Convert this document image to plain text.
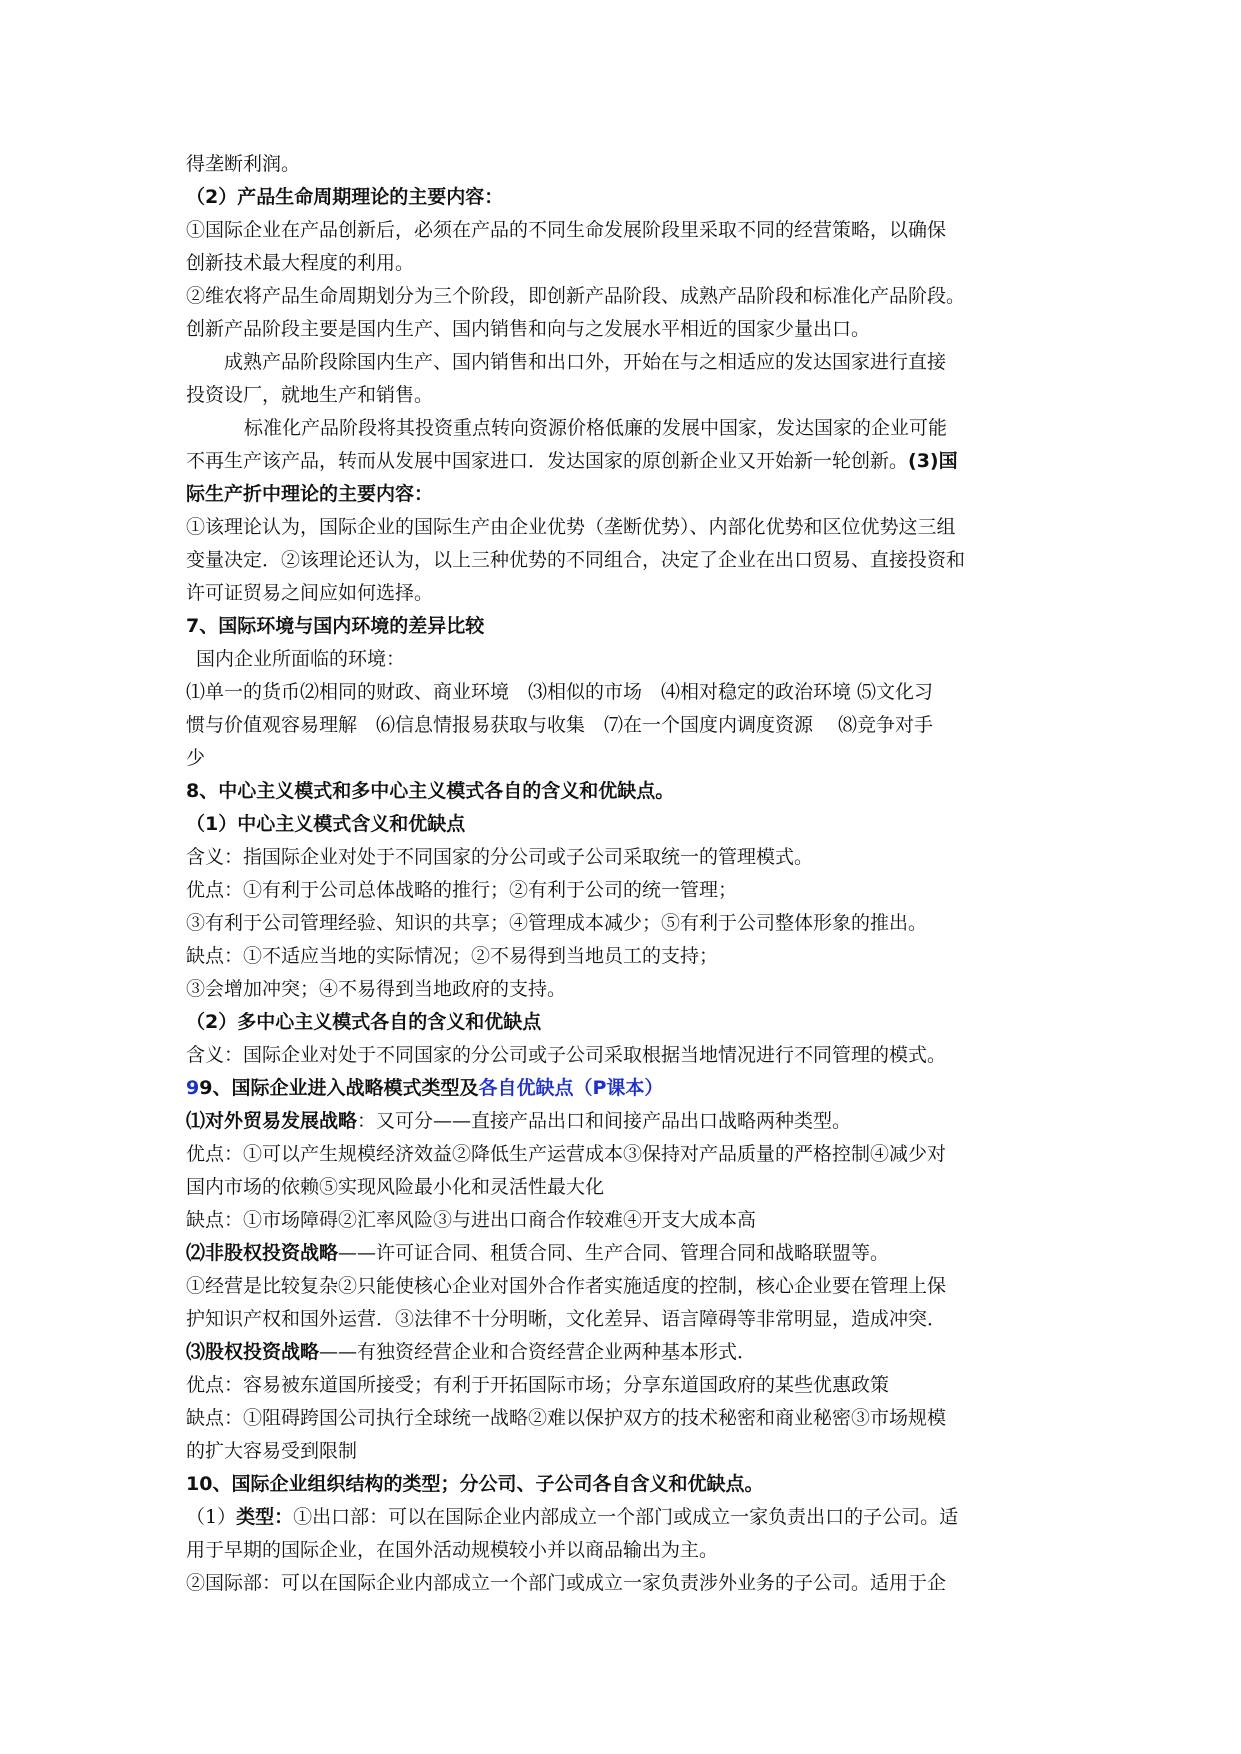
得垄断利润。
（2）产品生命周期理论的主要内容：
①国际企业在产品创新后，必须在产品的不同生命发展阶段里采取不同的经营策略，以确保
创新技术最大程度的利用。
②维农将产品生命周期划分为三个阶段，即创新产品阶段、成熟产品阶段和标准化产品阶段。
创新产品阶段主要是国内生产、国内销售和向与之发展水平相近的国家少量出口。
成熟产品阶段除国内生产、国内销售和出口外，开始在与之相适应的发达国家进行直接
投资设厂，就地生产和销售。
标准化产品阶段将其投资重点转向资源价格低廉的发展中国家，发达国家的企业可能
不再生产该产品，转而从发展中国家进口．发达国家的原创新企业又开始新一轮创新。(3)国
际生产折中理论的主要内容：
①该理论认为，国际企业的国际生产由企业优势（垄断优势）、内部化优势和区位优势这三组
变量决定．②该理论还认为，以上三种优势的不同组合，决定了企业在出口贸易、直接投资和
许可证贸易之间应如何选择。
7、国际环境与国内环境的差异比较
国内企业所面临的环境：
⑴单一的货币⑵相同的财政、商业环境　⑶相似的市场　⑷相对稳定的政治环境 ⑸文化习
惯与价值观容易理解　⑹信息情报易获取与收集　⑺在一个国度内调度资源　 ⑻竞争对手
少
8、中心主义模式和多中心主义模式各自的含义和优缺点。
（1）中心主义模式含义和优缺点
含义：指国际企业对处于不同国家的分公司或子公司采取统一的管理模式。
优点：①有利于公司总体战略的推行；②有利于公司的统一管理；
③有利于公司管理经验、知识的共享；④管理成本减少；⑤有利于公司整体形象的推出。
缺点：①不适应当地的实际情况；②不易得到当地员工的支持；
③会增加冲突；④不易得到当地政府的支持。
（2）多中心主义模式各自的含义和优缺点
含义：国际企业对处于不同国家的分公司或子公司采取根据当地情况进行不同管理的模式。
99、国际企业进入战略模式类型及各自优缺点（P课本）
⑴对外贸易发展战略：又可分——直接产品出口和间接产品出口战略两种类型。
优点：①可以产生规模经济效益②降低生产运营成本③保持对产品质量的严格控制④减少对
国内市场的依赖⑤实现风险最小化和灵活性最大化
缺点：①市场障碍②汇率风险③与进出口商合作较难④开支大成本高
⑵非股权投资战略——许可证合同、租赁合同、生产合同、管理合同和战略联盟等。
①经营是比较复杂②只能使核心企业对国外合作者实施适度的控制，核心企业要在管理上保
护知识产权和国外运营．③法律不十分明晰，文化差异、语言障碍等非常明显，造成冲突．
⑶股权投资战略——有独资经营企业和合资经营企业两种基本形式．
优点：容易被东道国所接受；有利于开拓国际市场；分享东道国政府的某些优惠政策
缺点：①阻碍跨国公司执行全球统一战略②难以保护双方的技术秘密和商业秘密③市场规模
的扩大容易受到限制
10、国际企业组织结构的类型；分公司、子公司各自含义和优缺点。
（1）类型：①出口部：可以在国际企业内部成立一个部门或成立一家负责出口的子公司。适
用于早期的国际企业，在国外活动规模较小并以商品输出为主。
②国际部：可以在国际企业内部成立一个部门或成立一家负责涉外业务的子公司。适用于企
